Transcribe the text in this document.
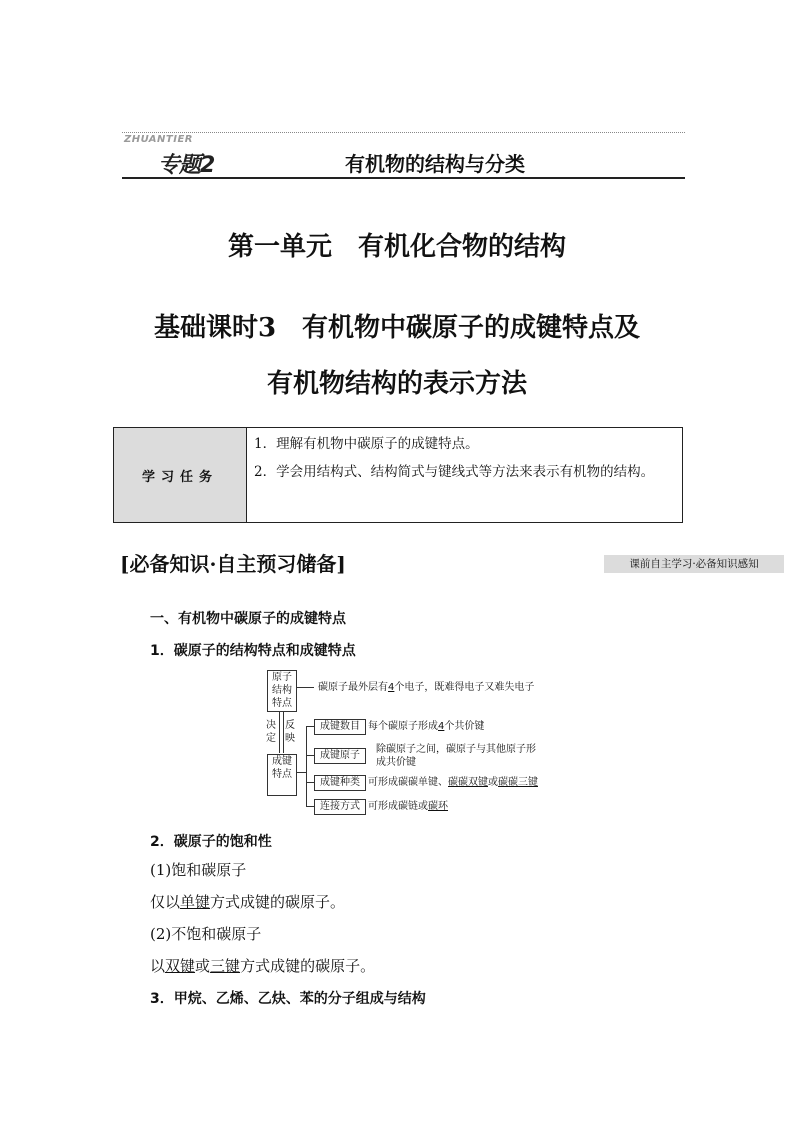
ZHUANTIER
专题2	有机物的结构与分类
第一单元　有机化合物的结构
基础课时3　有机物中碳原子的成键特点及
有机物结构的表示方法
学习任务
1．理解有机物中碳原子的成键特点。
2．学会用结构式、结构简式与键线式等方法来表示有机物的结构。
[必备知识·自主预习储备]	课前自主学习·必备知识感知
一、有机物中碳原子的成键特点
1．碳原子的结构特点和成键特点
原子结构特点
碳原子最外层有4个电子，既难得电子又难失电子
决定
反映
成键特点
成键数目 每个碳原子形成4个共价键
成键原子
除碳原子之间，碳原子与其他原子形
成共价键
成键种类 可形成碳碳单键、碳碳双键或碳碳三键
连接方式 可形成碳链或碳环
2．碳原子的饱和性
(1)饱和碳原子
仅以单键方式成键的碳原子。
(2)不饱和碳原子
以双键或三键方式成键的碳原子。
3．甲烷、乙烯、乙炔、苯的分子组成与结构
